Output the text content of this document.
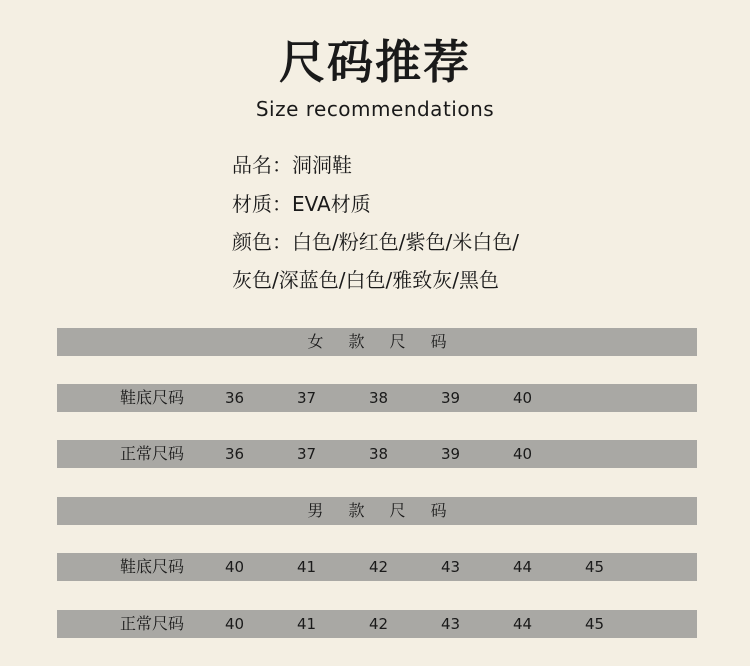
尺码推荐
Size recommendations
品名：洞洞鞋
材质：EVA材质
颜色：白色/粉红色/紫色/米白色/
灰色/深蓝色/白色/雅致灰/黑色
女 款 尺 码
鞋底尺码	36	37	38	39	40
正常尺码	36	37	38	39	40
男 款 尺 码
鞋底尺码	40	41	42	43	44	45
正常尺码	40	41	42	43	44	45
